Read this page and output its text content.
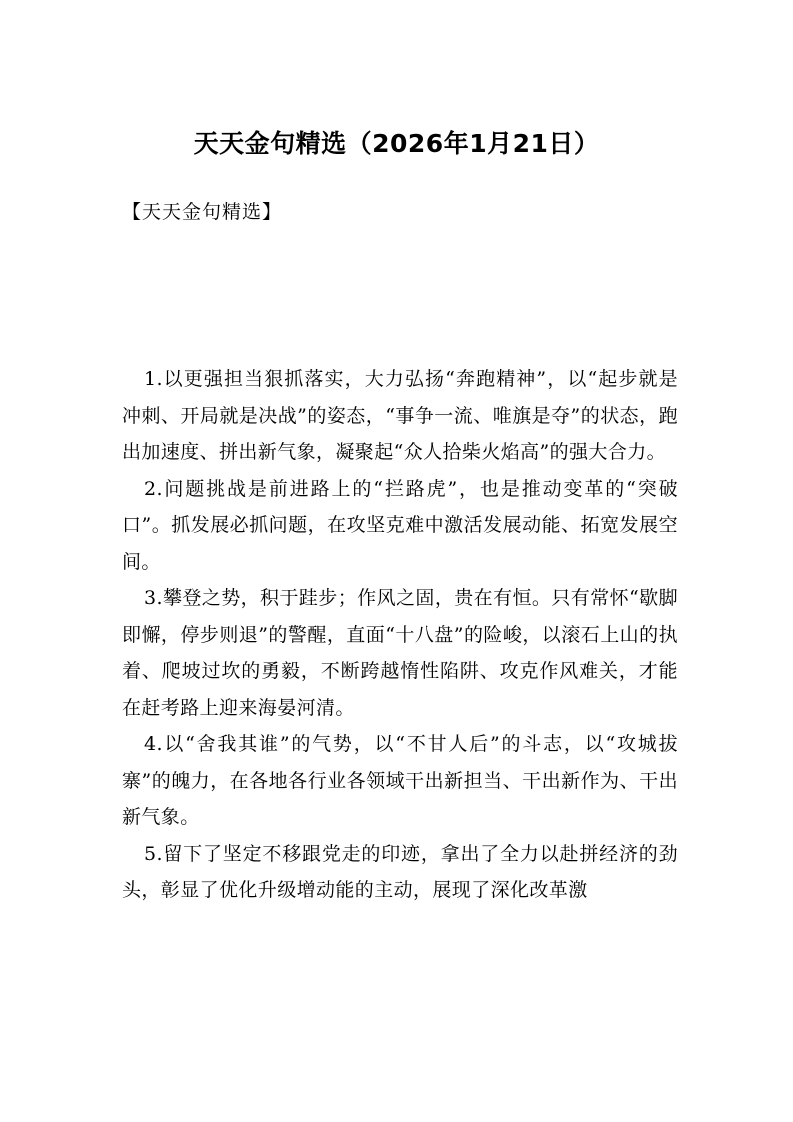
天天金句精选（2026年1月21日）

【天天金句精选】

1.以更强担当狠抓落实，大力弘扬“奔跑精神”，以“起步就是冲刺、开局就是决战”的姿态，“事争一流、唯旗是夺”的状态，跑出加速度、拼出新气象，凝聚起“众人拾柴火焰高”的强大合力。

2.问题挑战是前进路上的“拦路虎”，也是推动变革的“突破口”。抓发展必抓问题，在攻坚克难中激活发展动能、拓宽发展空间。

3.攀登之势，积于跬步；作风之固，贵在有恒。只有常怀“歇脚即懈，停步则退”的警醒，直面“十八盘”的险峻，以滚石上山的执着、爬坡过坎的勇毅，不断跨越惰性陷阱、攻克作风难关，才能在赶考路上迎来海晏河清。

4.以“舍我其谁”的气势，以“不甘人后”的斗志，以“攻城拔寨”的魄力，在各地各行业各领域干出新担当、干出新作为、干出新气象。

5.留下了坚定不移跟党走的印迹，拿出了全力以赴拼经济的劲头，彰显了优化升级增动能的主动，展现了深化改革激
